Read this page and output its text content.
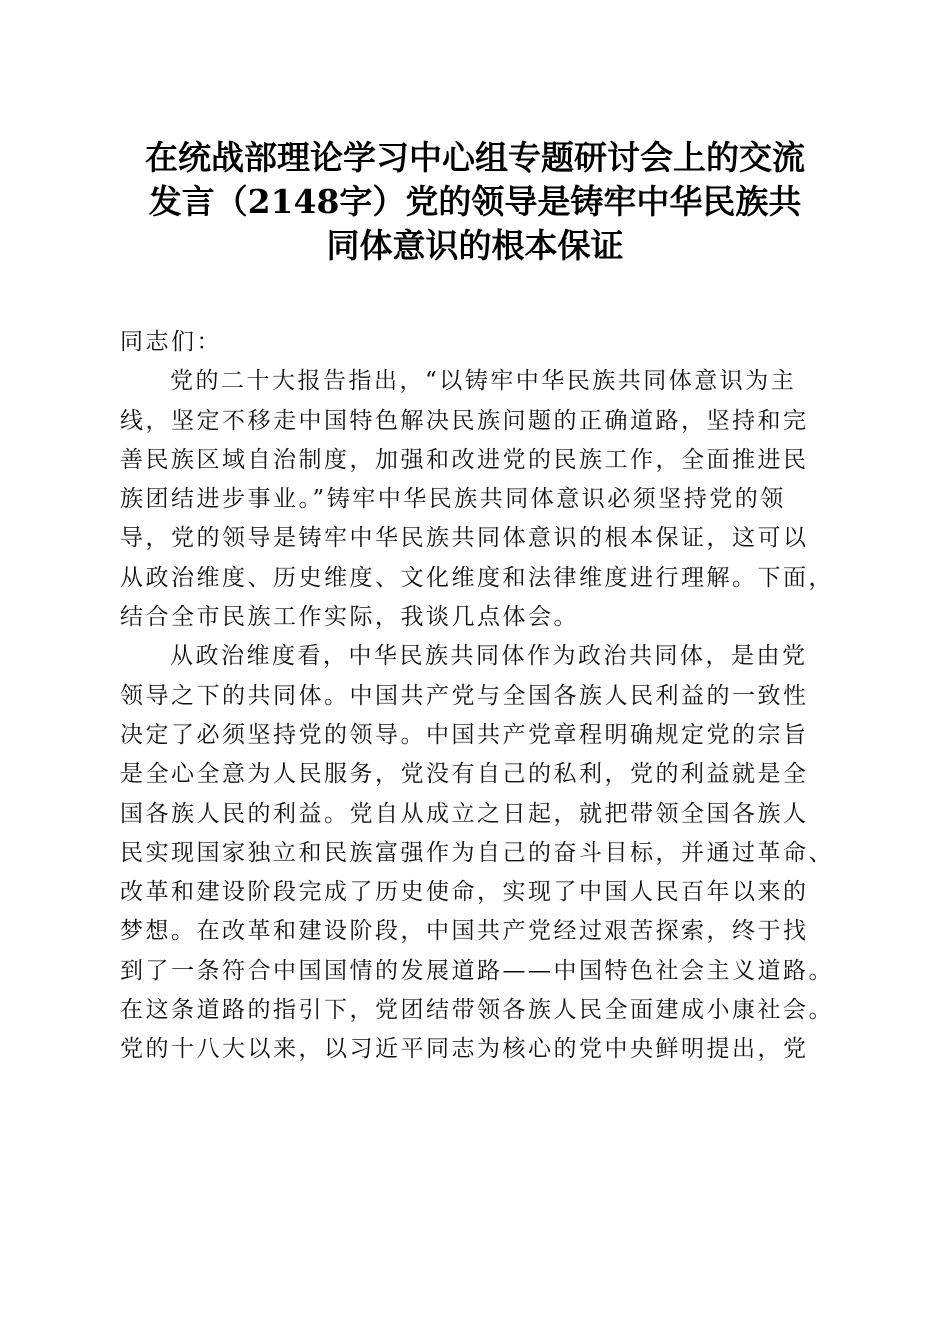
在统战部理论学习中心组专题研讨会上的交流
发言（2148字）党的领导是铸牢中华民族共
同体意识的根本保证

同志们：

党的二十大报告指出，“以铸牢中华民族共同体意识为主
线，坚定不移走中国特色解决民族问题的正确道路，坚持和完
善民族区域自治制度，加强和改进党的民族工作，全面推进民
族团结进步事业。”铸牢中华民族共同体意识必须坚持党的领
导，党的领导是铸牢中华民族共同体意识的根本保证，这可以
从政治维度、历史维度、文化维度和法律维度进行理解。下面，
结合全市民族工作实际，我谈几点体会。

从政治维度看，中华民族共同体作为政治共同体，是由党
领导之下的共同体。中国共产党与全国各族人民利益的一致性
决定了必须坚持党的领导。中国共产党章程明确规定党的宗旨
是全心全意为人民服务，党没有自己的私利，党的利益就是全
国各族人民的利益。党自从成立之日起，就把带领全国各族人
民实现国家独立和民族富强作为自己的奋斗目标，并通过革命、
改革和建设阶段完成了历史使命，实现了中国人民百年以来的
梦想。在改革和建设阶段，中国共产党经过艰苦探索，终于找
到了一条符合中国国情的发展道路——中国特色社会主义道路。
在这条道路的指引下，党团结带领各族人民全面建成小康社会。
党的十八大以来，以习近平同志为核心的党中央鲜明提出，党
